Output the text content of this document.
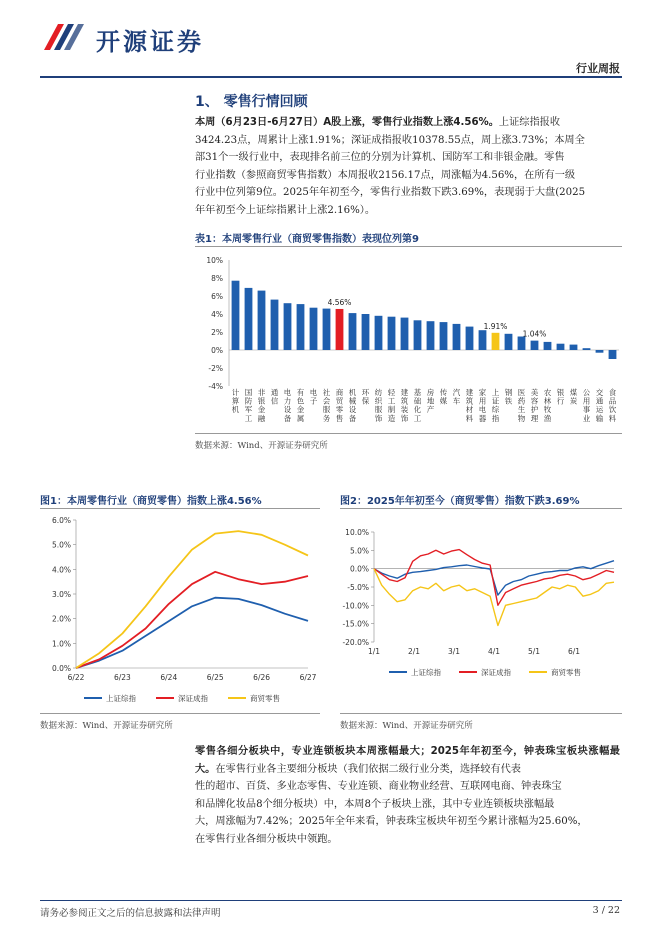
开源证券
行业周报
1、 零售行情回顾
本周（6月23日-6月27日）A股上涨，零售行业指数上涨4.56%。上证综指报收
3424.23点，周累计上涨1.91%；深证成指报收10378.55点，周上涨3.73%；本周全
部31个一级行业中，表现排名前三位的分别为计算机、国防军工和非银金融。零售
行业指数（参照商贸零售指数）本周报收2156.17点，周涨幅为4.56%，在所有一级
行业中位列第9位。2025年年初至今，零售行业指数下跌3.69%，表现弱于大盘(2025
年年初至今上证综指累计上涨2.16%）。
表1：本周零售行业（商贸零售指数）表现位列第9
-4%
-2%
0%
2%
4%
6%
8%
10%
计算机
国防军工
非银金融
通信
电力设备
有色金属
电子
社会服务
商贸零售
机械设备
环保
纺织服饰
轻工制造
建筑装饰
基础化工
房地产
传媒
汽车
建筑材料
家用电器
上证综指
钢铁
医药生物
美容护理
农林牧渔
银行
煤炭
公用事业
交通运输
食品饮料
4.56%
1.91%
1.04%
数据来源：Wind、开源证券研究所
图1：本周零售行业（商贸零售）指数上涨4.56%
0.0%
1.0%
2.0%
3.0%
4.0%
5.0%
6.0%
6/22	6/23	6/24	6/25	6/26	6/27
上证综指	深证成指	商贸零售
数据来源：Wind、开源证券研究所
图2：2025年年初至今（商贸零售）指数下跌3.69%
-20.0%
-15.0%
-10.0%
-5.0%
0.0%
5.0%
10.0%
1/1	2/1	3/1	4/1	5/1	6/1
上证综指	深证成指	商贸零售
数据来源：Wind、开源证券研究所
零售各细分板块中，专业连锁板块本周涨幅最大；2025年年初至今，钟表珠宝板块涨幅最大。在零售行业各主要细分板块（我们依据二级行业分类，选择较有代表
性的超市、百货、多业态零售、专业连锁、商业物业经营、互联网电商、钟表珠宝
和品牌化妆品8个细分板块）中，本周8个子板块上涨，其中专业连锁板块涨幅最
大，周涨幅为7.42%；2025年全年来看，钟表珠宝板块年初至今累计涨幅为25.60%，
在零售行业各细分板块中领跑。
请务必参阅正文之后的信息披露和法律声明	3 / 22
